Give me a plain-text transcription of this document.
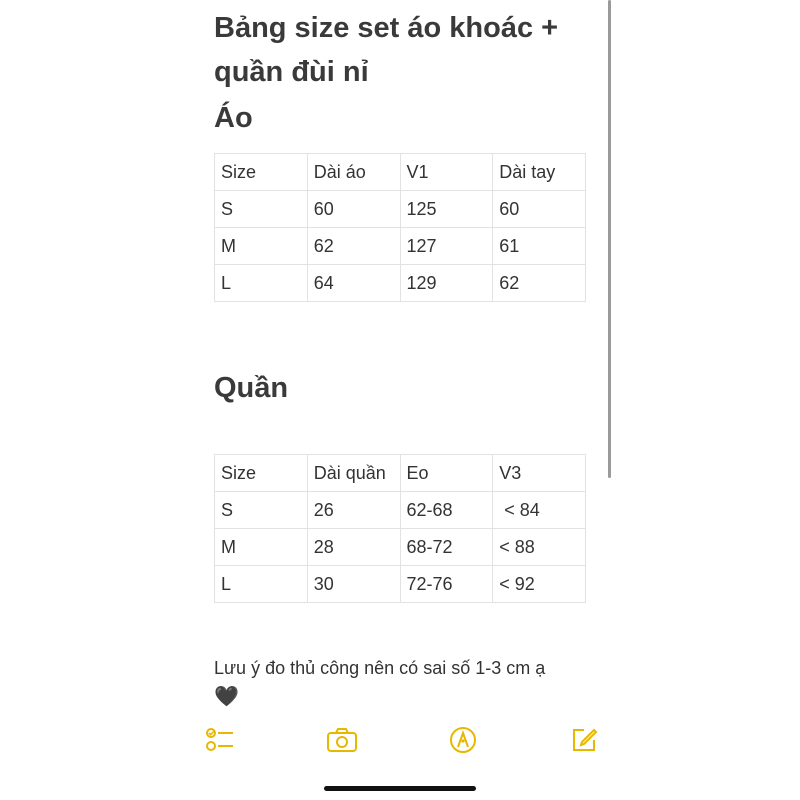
Bảng size set áo khoác + quần đùi nỉ
Áo
Size	Dài áo	V1	Dài tay
S	60	125	60
M	62	127	61
L	64	129	62
Quần
Size	Dài quần	Eo	V3
S	26	62-68	< 84
M	28	68-72	< 88
L	30	72-76	< 92

Lưu ý đo thủ công nên có sai số 1-3 cm ạ

🖤
